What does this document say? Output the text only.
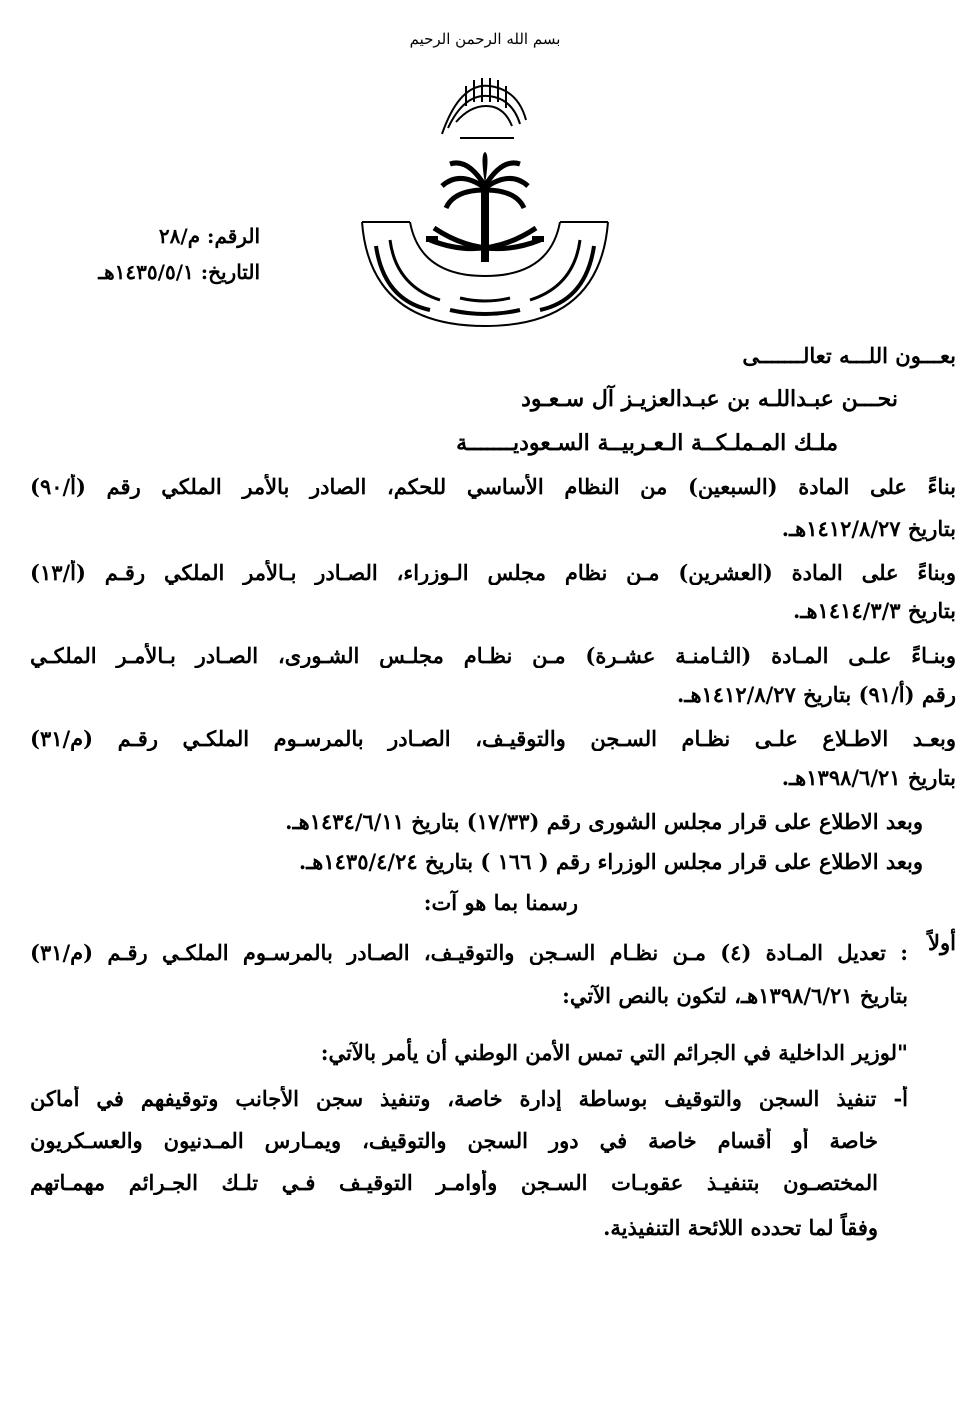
بسم الله الرحمن الرحيم
الرقم: م/٢٨
التاريخ: ١٤٣٥/٥/١هـ
بعـــون اللـــه تعالـــــــى
نحـــن عبـداللـه بن عبـدالعزيـز آل سـعـود
ملـك المـملـكــة الـعـربيــة السـعوديـــــــة
بناءً على المادة (السبعين) من النظام الأساسي للحكم، الصادر بالأمر الملكي رقم (أ/٩٠)
بتاريخ ١٤١٢/٨/٢٧هـ.
وبناءً على المادة (العشرين) مـن نظام مجلس الـوزراء، الصـادر بـالأمر الملكي رقـم (أ/١٣)
بتاريخ ١٤١٤/٣/٣هـ.
وبنـاءً علـى المـادة (الثـامنـة عشـرة) مـن نظـام مجلـس الشـورى، الصـادر بـالأمـر الملكـي
رقم (أ/٩١) بتاريخ ١٤١٢/٨/٢٧هـ.
وبعـد الاطـلاع علـى نظـام السـجن والتوقيـف، الصـادر بالمرسـوم الملكـي رقـم (م/٣١)
بتاريخ ١٣٩٨/٦/٢١هـ.
وبعد الاطلاع على قرار مجلس الشورى رقم (١٧/٣٣) بتاريخ ١٤٣٤/٦/١١هـ.
وبعد الاطلاع على قرار مجلس الوزراء رقم ( ١٦٦ ) بتاريخ ١٤٣٥/٤/٢٤هـ.
رسمنا بما هو آت:
أولاً
: تعديل المـادة (٤) مـن نظـام السـجن والتوقيـف، الصـادر بالمرسـوم الملكـي رقـم (م/٣١)
بتاريخ ١٣٩٨/٦/٢١هـ، لتكون بالنص الآتي:
"لوزير الداخلية في الجرائم التي تمس الأمن الوطني أن يأمر بالآتي:
أ- تنفيذ السجن والتوقيف بوساطة إدارة خاصة، وتنفيذ سجن الأجانب وتوقيفهم في أماكن
خاصة أو أقسام خاصة في دور السجن والتوقيف، ويمـارس المـدنيون والعسـكريون
المختصـون بتنفيـذ عقوبـات السـجن وأوامـر التوقيـف فـي تلـك الجـرائم مهمـاتهم
وفقاً لما تحدده اللائحة التنفيذية.
